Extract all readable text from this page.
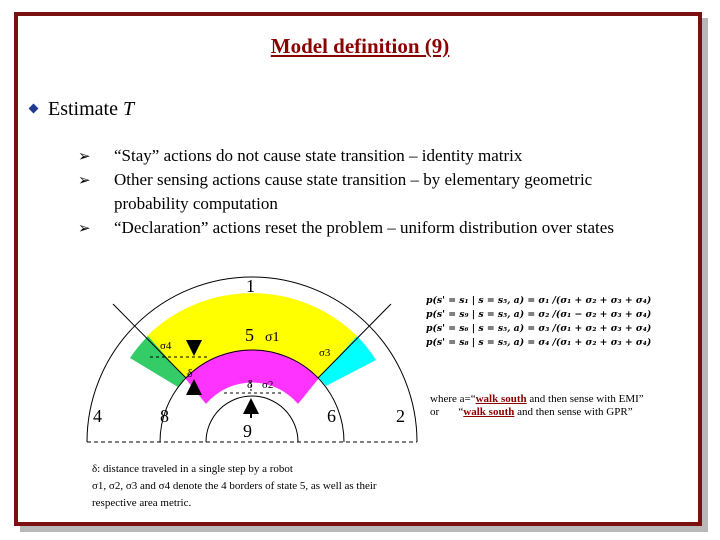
Model definition (9)
Estimate T
➢ “Stay” actions do not cause state transition – identity matrix
➢ Other sensing actions cause state transition – by elementary geometric probability computation
➢ “Declaration” actions reset the problem – uniform distribution over states
1
5 σ1
σ4
σ3
δ
δ σ2
4	8
9
6	2
p(s' = s₁ | s = s₅, a) = σ₁ /(σ₁ + σ₂ + σ₃ + σ₄)
p(s' = s₉ | s = s₅, a) = σ₂ /(σ₁ − σ₂ + σ₃ + σ₄)
p(s' = s₆ | s = s₅, a) = σ₃ /(σ₁ + σ₂ + σ₃ + σ₄)
p(s' = s₈ | s = s₅, a) = σ₄ /(σ₁ + σ₂ + σ₃ + σ₄)
where a=“walk south and then sense with EMI”
or       “walk south and then sense with GPR”
δ: distance traveled in a single step by a robot
σ1, σ2, σ3 and σ4 denote the 4 borders of state 5, as well as their respective area metric.
